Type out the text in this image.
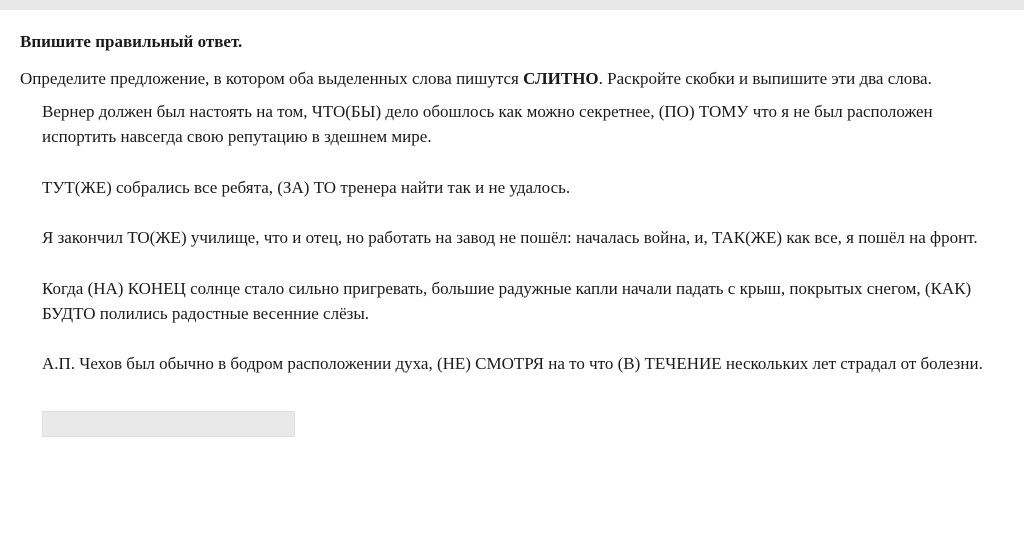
Впишите правильный ответ.

Определите предложение, в котором оба выделенных слова пишутся СЛИТНО. Раскройте скобки и выпишите эти два слова.

Вернер должен был настоять на том, ЧТО(БЫ) дело обошлось как можно секретнее, (ПО) ТОМУ что я не был расположен испортить навсегда свою репутацию в здешнем мире.
ТУТ(ЖЕ) собрались все ребята, (ЗА) ТО тренера найти так и не удалось.
Я закончил ТО(ЖЕ) училище, что и отец, но работать на завод не пошёл: началась война, и, ТАК(ЖЕ) как все, я пошёл на фронт.
Когда (НА) КОНЕЦ солнце стало сильно пригревать, большие радужные капли начали падать с крыш, покрытых снегом, (КАК) БУДТО полились радостные весенние слёзы.
А.П. Чехов был обычно в бодром расположении духа, (НЕ) СМОТРЯ на то что (В) ТЕЧЕНИЕ нескольких лет страдал от болезни.
